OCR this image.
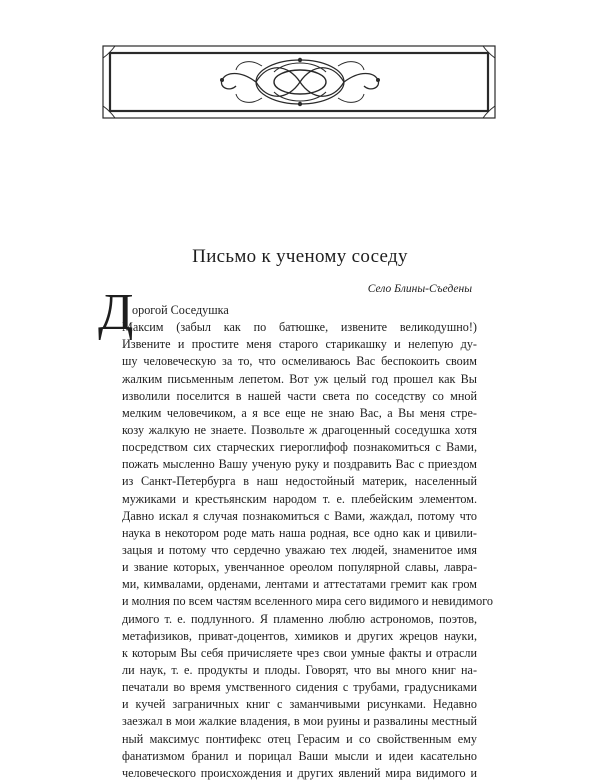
Письмо к ученому соседу
Село Блины-Съедены
Д
орогой Соседушка
Максим (забыл как по батюшке, извените великодушно!)
Извените и простите меня старого старикашку и нелепую ду-
шу человеческую за то, что осмеливаюсь Вас беспокоить своим
жалким письменным лепетом. Вот уж целый год прошел как Вы
изволили поселится в нашей части света по соседству со мной
мелким человечиком, а я все еще не знаю Вас, а Вы меня стре-
козу жалкую не знаете. Позвольте ж драгоценный соседушка хотя
посредством сих старческих гиероглифоф познакомиться с Вами,
пожать мысленно Вашу ученую руку и поздравить Вас с приездом
из Санкт-Петербурга в наш недостойный материк, населенный
мужиками и крестьянским народом т. е. плебейским элементом.
Давно искал я случая познакомиться с Вами, жаждал, потому что
наука в некотором роде мать наша родная, все одно как и цивили-
зацыя и потому что сердечно уважаю тех людей, знаменитое имя
и звание которых, увенчанное ореолом популярной славы, лавра-
ми, кимвалами, орденами, лентами и аттестатами гремит как гром
и молния по всем частям вселенного мира сего видимого и невидимого
димого т. е. подлунного. Я пламенно люблю астрономов, поэтов,
метафизиков, приват-доцентов, химиков и других жрецов науки,
к которым Вы себя причисляете чрез свои умные факты и отрасли
ли наук, т. е. продукты и плоды. Говорят, что вы много книг на-
печатали во время умственного сидения с трубами, градусниками
и кучей заграничных книг с заманчивыми рисунками. Недавно
заезжал в мои жалкие владения, в мои руины и развалины местный
ный максимус понтифекс отец Герасим и со свойственным ему
фанатизмом бранил и порицал Ваши мысли и идеи касательно
человеческого происхождения и других явлений мира видимого и
